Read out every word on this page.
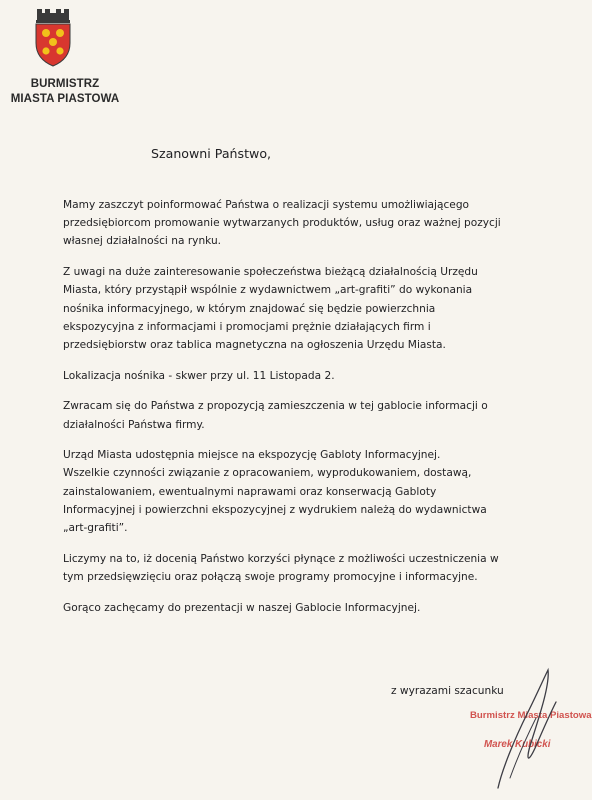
BURMISTRZ
MIASTA PIASTOWA
Szanowni Państwo,

Mamy zaszczyt poinformować Państwa o realizacji systemu umożliwiającego
przedsiębiorcom promowanie wytwarzanych produktów, usług oraz ważnej pozycji
własnej działalności na rynku.

Z uwagi na duże zainteresowanie społeczeństwa bieżącą działalnością Urzędu
Miasta, który przystąpił wspólnie z wydawnictwem „art-grafiti” do wykonania
nośnika informacyjnego, w którym znajdować się będzie powierzchnia
ekspozycyjna z informacjami i promocjami prężnie działających firm i
przedsiębiorstw oraz tablica magnetyczna na ogłoszenia Urzędu Miasta.

Lokalizacja nośnika - skwer przy ul. 11 Listopada 2.

Zwracam się do Państwa z propozycją zamieszczenia w tej gablocie informacji o
działalności Państwa firmy.

Urząd Miasta udostępnia miejsce na ekspozycję Gabloty Informacyjnej.
Wszelkie czynności związanie z opracowaniem, wyprodukowaniem, dostawą,
zainstalowaniem, ewentualnymi naprawami oraz konserwacją Gabloty
Informacyjnej i powierzchni ekspozycyjnej z wydrukiem należą do wydawnictwa
„art-grafiti”.

Liczymy na to, iż docenią Państwo korzyści płynące z możliwości uczestniczenia w
tym przedsięwzięciu oraz połączą swoje programy promocyjne i informacyjne.

Gorąco zachęcamy do prezentacji w naszej Gablocie Informacyjnej.

z wyrazami szacunku
Burmistrz Miasta Piastowa
Marek Kubicki
